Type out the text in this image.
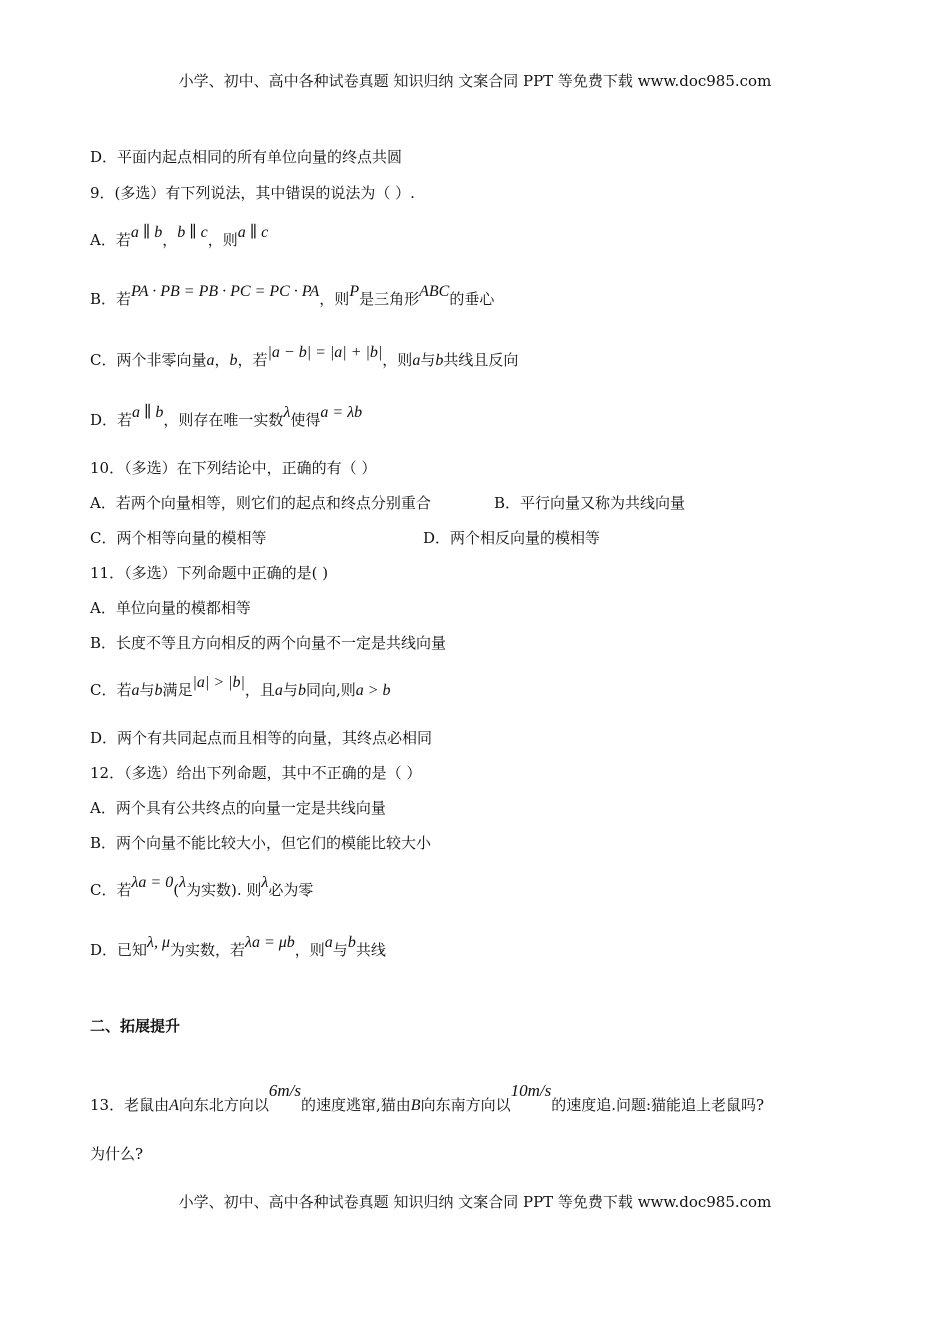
小学、初中、高中各种试卷真题 知识归纳 文案合同 PPT 等免费下载 www.doc985.com
D．平面内起点相同的所有单位向量的终点共圆
9．(多选）有下列说法，其中错误的说法为（ ）.
A．若a ∥ b，b ∥ c，则a ∥ c
B．若PA · PB = PB · PC = PC · PA，则P是三角形ABC的垂心
C．两个非零向量a，b，若|a − b| = |a| + |b|，则a与b共线且反向
D．若a ∥ b，则存在唯一实数λ使得a = λb
10．（多选）在下列结论中，正确的有（ ）
A．若两个向量相等，则它们的起点和终点分别重合	B．平行向量又称为共线向量
C．两个相等向量的模相等	D．两个相反向量的模相等
11．（多选）下列命题中正确的是( )
A．单位向量的模都相等
B．长度不等且方向相反的两个向量不一定是共线向量
C．若a与b满足|a| > |b|，且a与b同向,则a > b
D．两个有共同起点而且相等的向量，其终点必相同
12．（多选）给出下列命题，其中不正确的是（ ）
A．两个具有公共终点的向量一定是共线向量
B．两个向量不能比较大小，但它们的模能比较大小
C．若λa = 0(λ为实数). 则λ必为零
D．已知λ, μ为实数，若λa = μb，则a与b共线
二、拓展提升
13．老鼠由A向东北方向以6m/s的速度逃窜,猫由B向东南方向以10m/s的速度追.问题:猫能追上老鼠吗?
为什么?
小学、初中、高中各种试卷真题 知识归纳 文案合同 PPT 等免费下载 www.doc985.com
